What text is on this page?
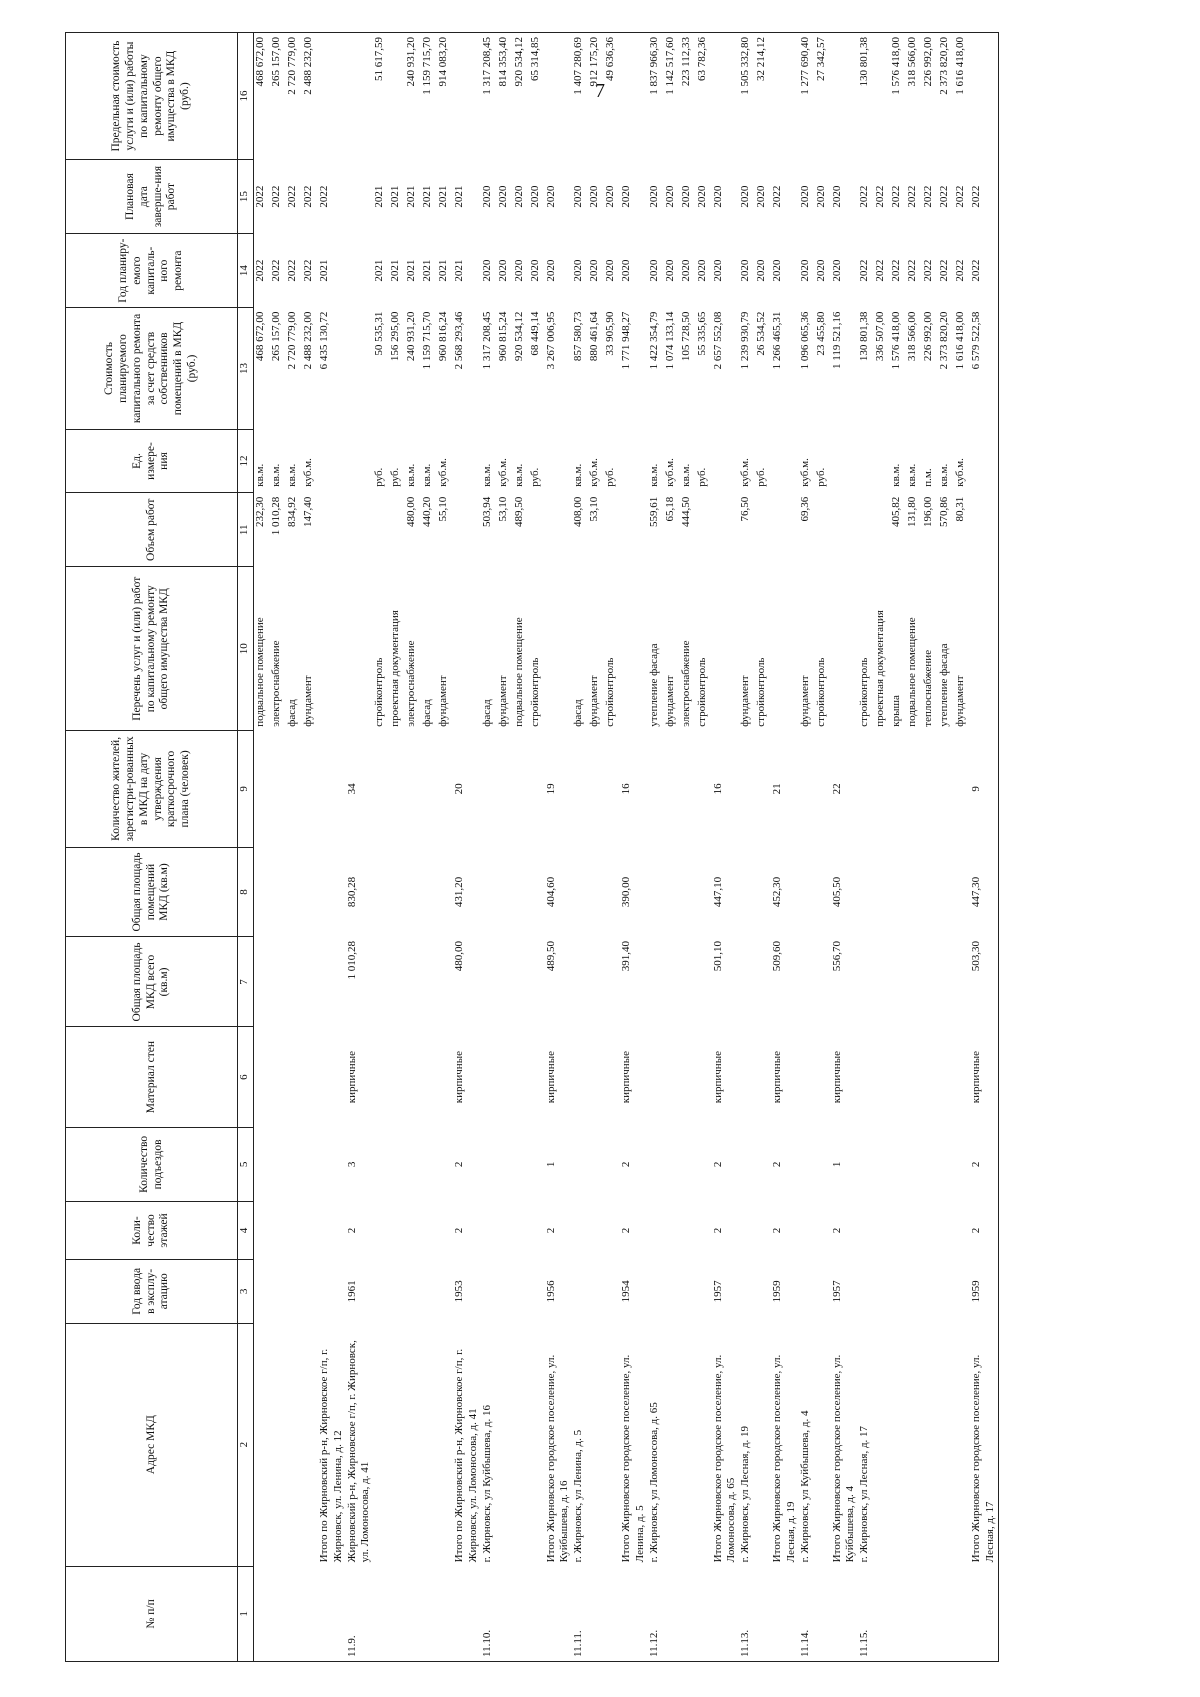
7
№ п/п	Адрес МКД	Год ввода в эксплу-атацию	Коли-чество этажей	Количество подъездов	Материал стен	Общая площадь МКД всего (кв.м)	Общая площадь помещений МКД (кв.м)	Количество жителей, зарегистри-рованных в МКД на дату утверждения краткосрочного плана (человек)	Перечень услуг и (или) работ по капитальному ремонту общего имущества МКД	Объем работ	Ед. измере-ния	Стоимость планируемого капитального ремонта за счет средств собственников помещений в МКД (руб.)	Год планиру-емого капиталь-ного ремонта	Плановая дата заверше-ния работ	Предельная стоимость услуги и (или) работы по капитальному ремонту общего имущества в МКД (руб.)
1	2	3	4	5	6	7	8	9	10	11	12	13	14	15	16
									подвальное помещение	232,30	кв.м.	468 672,00	2022	2022	468 672,00
									электроснабжение	1 010,28	кв.м.	265 157,00	2022	2022	265 157,00
									фасад	834,92	кв.м.	2 720 779,00	2022	2022	2 720 779,00
									фундамент	147,40	куб.м.	2 488 232,00	2022	2022	2 488 232,00
	Итого по Жирновский р-н, Жирновское г/п, г. Жирновск, ул. Ленина, д. 12											6 435 130,72	2021	2022	
11.9.	Жирновский р-н, Жирновское г/п, г. Жирновск, ул. Ломоносова, д. 41	1961	2	3	кирпичные	1 010,28	830,28	34							
									стройконтроль		руб.	50 535,31	2021	2021	51 617,59
									проектная документация		руб.	156 295,00	2021	2021	
									электроснабжение	480,00	кв.м.	240 931,20	2021	2021	240 931,20
									фасад	440,20	кв.м.	1 159 715,70	2021	2021	1 159 715,70
									фундамент	55,10	куб.м.	960 816,24	2021	2021	914 083,20
	Итого по Жирновский р-н, Жирновское г/п, г. Жирновск, ул. Ломоносова, д. 41	1953	2	2	кирпичные	480,00	431,20	20				2 568 293,46	2021	2021	
11.10.	г. Жирновск, ул Куйбышева, д. 16								фасад	503,94	кв.м.	1 317 208,45	2020	2020	1 317 208,45
									фундамент	53,10	куб.м.	960 815,24	2020	2020	814 353,40
									подвальное помещение	489,50	кв.м.	920 534,12	2020	2020	920 534,12
									стройконтроль		руб.	68 449,14	2020	2020	65 314,85
	Итого Жирновское городское поселение, ул. Куйбышева, д. 16	1956	2	1	кирпичные	489,50	404,60	19				3 267 006,95	2020	2020	
11.11.	г. Жирновск, ул Ленина, д. 5								фасад	408,00	кв.м.	857 580,73	2020	2020	1 407 280,69
									фундамент	53,10	куб.м.	880 461,64	2020	2020	912 175,20
									стройконтроль		руб.	33 905,90	2020	2020	49 636,36
	Итого Жирновское городское поселение, ул. Ленина, д. 5	1954	2	2	кирпичные	391,40	390,00	16				1 771 948,27	2020	2020	
11.12.	г. Жирновск, ул Ломоносова, д. 65								утепление фасада	559,61	кв.м.	1 422 354,79	2020	2020	1 837 966,30
									фундамент	65,18	куб.м.	1 074 133,14	2020	2020	1 142 517,60
									электроснабжение	444,50	кв.м.	105 728,50	2020	2020	223 112,33
									стройконтроль		руб.	55 335,65	2020	2020	63 782,36
	Итого Жирновское городское поселение, ул. Ломоносова, д. 65	1957	2	2	кирпичные	501,10	447,10	16				2 657 552,08	2020	2020	
11.13.	г. Жирновск, ул Лесная, д. 19								фундамент	76,50	куб.м.	1 239 930,79	2020	2020	1 505 332,80
									стройконтроль		руб.	26 534,52	2020	2020	32 214,12
	Итого Жирновское городское поселение, ул. Лесная, д. 19	1959	2	2	кирпичные	509,60	452,30	21				1 266 465,31	2020	2022	
11.14.	г. Жирновск, ул Куйбышева, д. 4								фундамент	69,36	куб.м.	1 096 065,36	2020	2020	1 277 690,40
									стройконтроль		руб.	23 455,80	2020	2020	27 342,57
	Итого Жирновское городское поселение, ул. Куйбышева, д. 4	1957	2	1	кирпичные	556,70	405,50	22				1 119 521,16	2020	2020	
11.15.	г. Жирновск, ул Лесная, д. 17								стройконтроль			130 801,38	2022	2022	130 801,38
									проектная документация			336 507,00	2022	2022	
									крыша	405,82	кв.м.	1 576 418,00	2022	2022	1 576 418,00
									подвальное помещение	131,80	кв.м.	318 566,00	2022	2022	318 566,00
									теплоснабжение	196,00	п.м.	226 992,00	2022	2022	226 992,00
									утепление фасада	570,86	кв.м.	2 373 820,20	2022	2022	2 373 820,20
									фундамент	80,31	куб.м.	1 616 418,00	2022	2022	1 616 418,00
	Итого Жирновское городское поселение, ул. Лесная, д. 17	1959	2	2	кирпичные	503,30	447,30	9				6 579 522,58	2022	2022	
